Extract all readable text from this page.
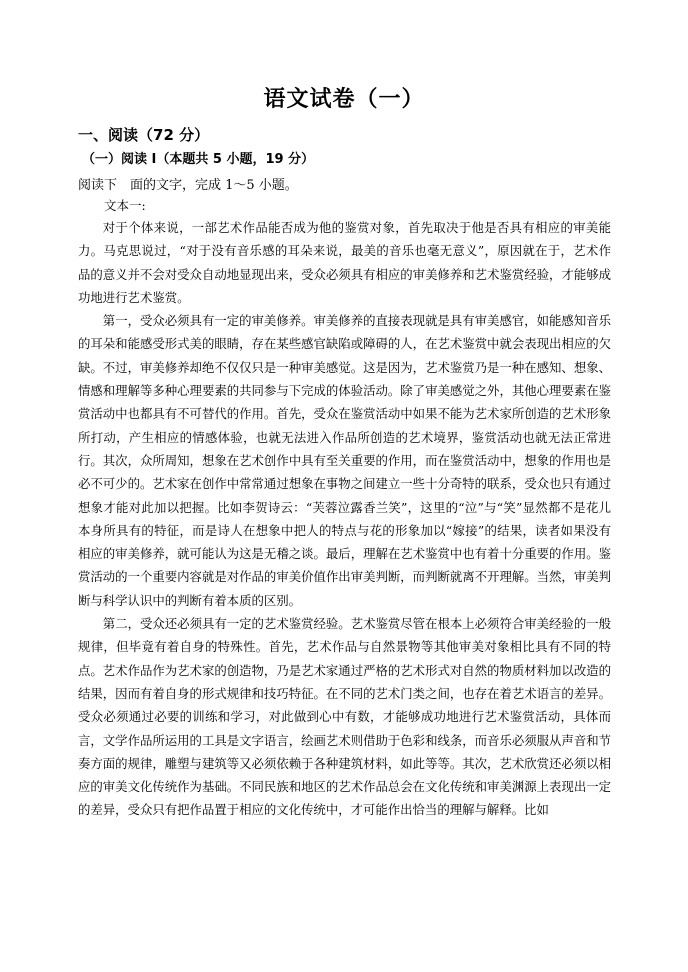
语文试卷（一）
一、阅读（72 分）
（一）阅读 I（本题共 5 小题，19 分）
阅读下　面的文字，完成 1～5 小题。
文本一:

对于个体来说，一部艺术作品能否成为他的鉴赏对象，首先取决于他是否具有相应的审美能力。马克思说过，“对于没有音乐感的耳朵来说，最美的音乐也毫无意义”，原因就在于，艺术作品的意义并不会对受众自动地显现出来，受众必须具有相应的审美修养和艺术鉴赏经验，才能够成功地进行艺术鉴赏。

第一，受众必须具有一定的审美修养。审美修养的直接表现就是具有审美感官，如能感知音乐的耳朵和能感受形式美的眼睛，存在某些感官缺陷或障碍的人，在艺术鉴赏中就会表现出相应的欠缺。不过，审美修养却绝不仅仅只是一种审美感觉。这是因为，艺术鉴赏乃是一种在感知、想象、情感和理解等多种心理要素的共同参与下完成的体验活动。除了审美感觉之外，其他心理要素在鉴赏活动中也都具有不可替代的作用。首先，受众在鉴赏活动中如果不能为艺术家所创造的艺术形象所打动，产生相应的情感体验，也就无法进入作品所创造的艺术境界，鉴赏活动也就无法正常进行。其次，众所周知，想象在艺术创作中具有至关重要的作用，而在鉴赏活动中，想象的作用也是必不可少的。艺术家在创作中常常通过想象在事物之间建立一些十分奇特的联系，受众也只有通过想象才能对此加以把握。比如李贺诗云：“芙蓉泣露香兰笑”，这里的“泣”与“笑”显然都不是花儿本身所具有的特征，而是诗人在想象中把人的特点与花的形象加以“嫁接”的结果，读者如果没有相应的审美修养，就可能认为这是无稽之谈。最后，理解在艺术鉴赏中也有着十分重要的作用。鉴赏活动的一个重要内容就是对作品的审美价值作出审美判断，而判断就离不开理解。当然，审美判断与科学认识中的判断有着本质的区别。

第二，受众还必须具有一定的艺术鉴赏经验。艺术鉴赏尽管在根本上必须符合审美经验的一般规律，但毕竟有着自身的特殊性。首先，艺术作品与自然景物等其他审美对象相比具有不同的特点。艺术作品作为艺术家的创造物，乃是艺术家通过严格的艺术形式对自然的物质材料加以改造的结果，因而有着自身的形式规律和技巧特征。在不同的艺术门类之间，也存在着艺术语言的差异。受众必须通过必要的训练和学习，对此做到心中有数，才能够成功地进行艺术鉴赏活动，具体而言，文学作品所运用的工具是文字语言，绘画艺术则借助于色彩和线条，而音乐必须服从声音和节奏方面的规律，雕塑与建筑等又必须依赖于各种建筑材料，如此等等。其次，艺术欣赏还必须以相应的审美文化传统作为基础。不同民族和地区的艺术作品总会在文化传统和审美渊源上表现出一定的差异，受众只有把作品置于相应的文化传统中，才可能作出恰当的理解与解释。比如
